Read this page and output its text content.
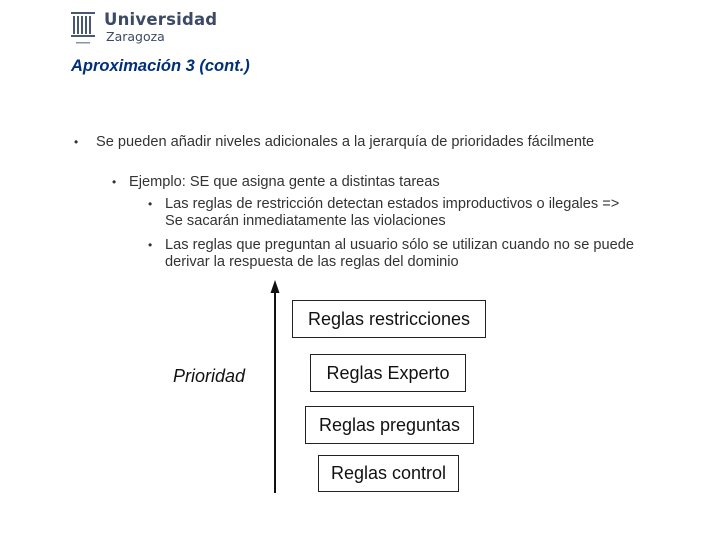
Universidad
Zaragoza
Aproximación 3 (cont.)
• Se pueden añadir niveles adicionales a la jerarquía de prioridades fácilmente
• Ejemplo: SE que asigna gente a distintas tareas
• Las reglas de restricción detectan estados improductivos o ilegales => Se sacarán inmediatamente las violaciones
• Las reglas que preguntan al usuario sólo se utilizan cuando no se puede derivar la respuesta de las reglas del dominio
Prioridad
Reglas restricciones
Reglas Experto
Reglas preguntas
Reglas control
